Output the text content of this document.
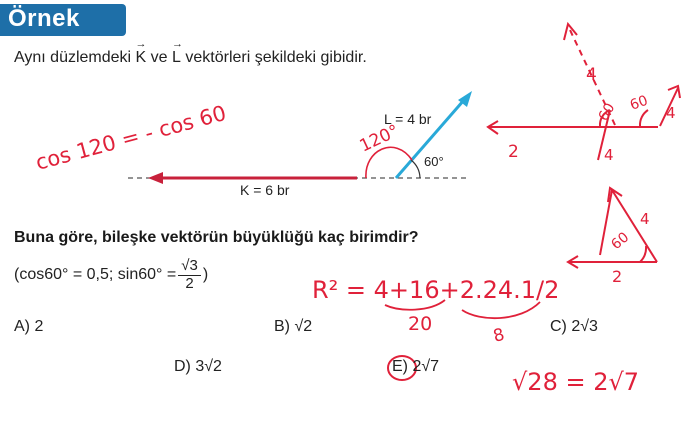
Örnek
Aynı düzlemdeki
→
K ve
→
L vektörleri şekildeki gibidir.
60°
L = 4 br
K = 6 br
120°
cos 120 = - cos 60
4
60 60 4
2	4
4
60
2
R² = 4+16+2.24.1/2
20
8
√28 = 2√7
Buna göre, bileşke vektörün büyüklüğü kaç birimdir?
(cos60° = 0,5; $\sin 60^\circ = \frac{√3}{2}$ )
A) 2	B) √2	C) 2√3
D) 3√2	E) 2√7
